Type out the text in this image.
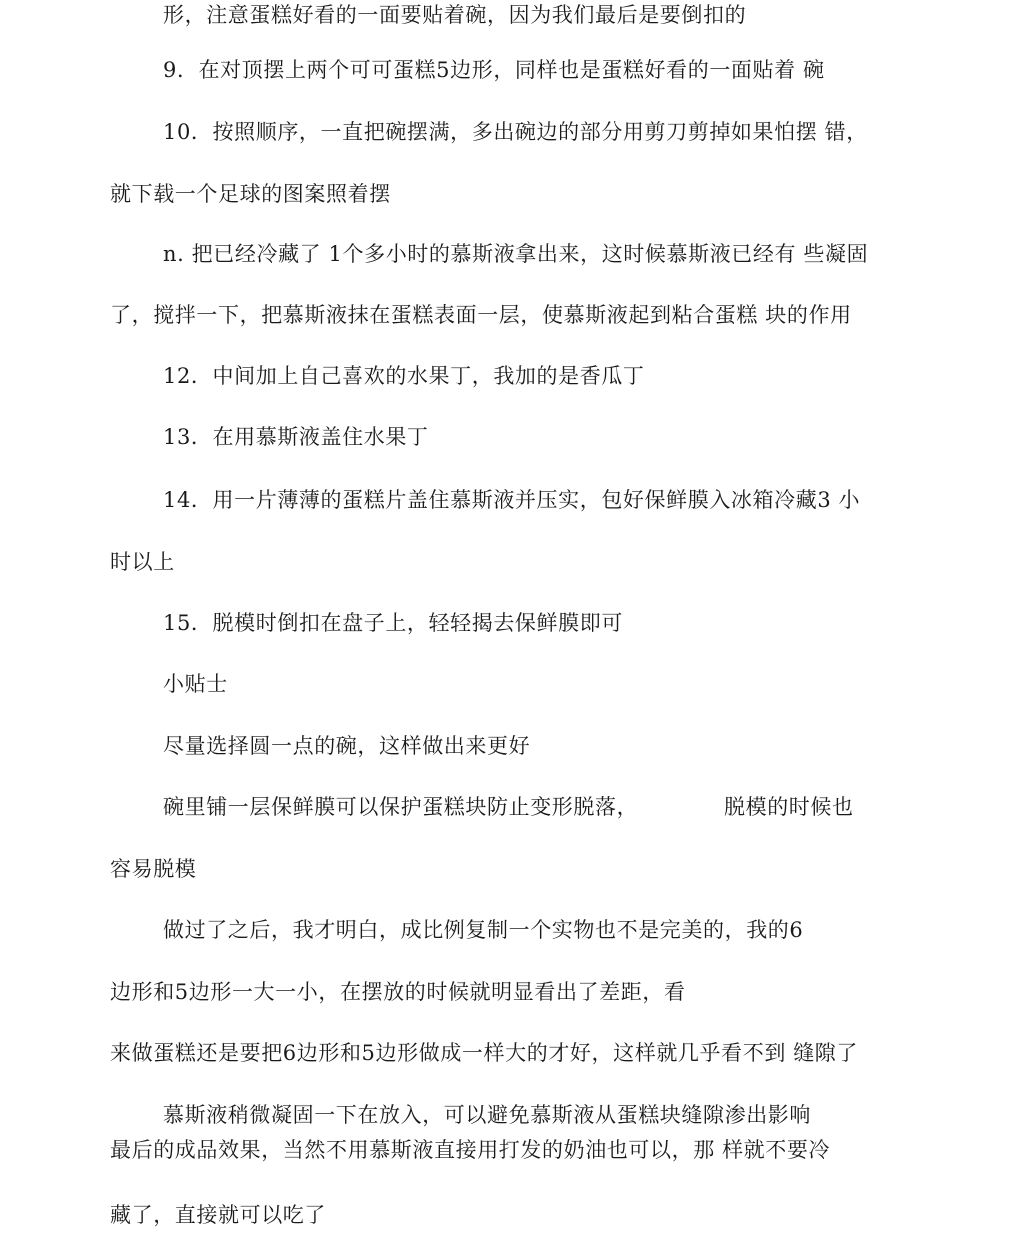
形，注意蛋糕好看的一面要贴着碗，因为我们最后是要倒扣的
9．在对顶摆上两个可可蛋糕5边形，同样也是蛋糕好看的一面贴着 碗
10．按照顺序，一直把碗摆满，多出碗边的部分用剪刀剪掉如果怕摆 错，
就下载一个足球的图案照着摆
n. 把已经冷藏了 1个多小时的慕斯液拿出来，这时候慕斯液已经有 些凝固
了，搅拌一下，把慕斯液抹在蛋糕表面一层，使慕斯液起到粘合蛋糕 块的作用
12．中间加上自己喜欢的水果丁，我加的是香瓜丁
13．在用慕斯液盖住水果丁
14．用一片薄薄的蛋糕片盖住慕斯液并压实，包好保鲜膜入冰箱冷藏3 小
时以上
15．脱模时倒扣在盘子上，轻轻揭去保鲜膜即可
小贴士
尽量选择圆一点的碗，这样做出来更好
碗里铺一层保鲜膜可以保护蛋糕块防止变形脱落，	脱模的时候也
容易脱模
做过了之后，我才明白，成比例复制一个实物也不是完美的，我的6
边形和5边形一大一小，在摆放的时候就明显看出了差距，看
来做蛋糕还是要把6边形和5边形做成一样大的才好，这样就几乎看不到 缝隙了
慕斯液稍微凝固一下在放入，可以避免慕斯液从蛋糕块缝隙渗出影响
最后的成品效果，当然不用慕斯液直接用打发的奶油也可以，那 样就不要冷
藏了，直接就可以吃了
